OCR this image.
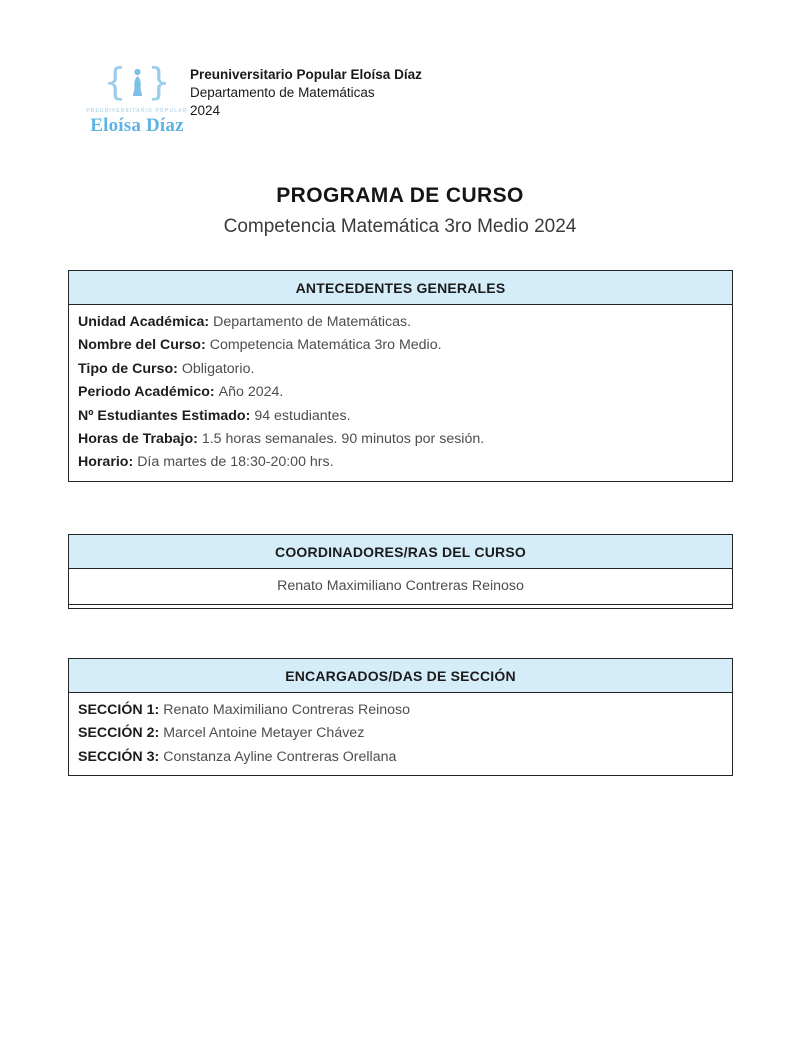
{ }
PREUNIVERSITARIO POPULAR
Eloísa Díaz
Preuniversitario Popular Eloísa Díaz
Departamento de Matemáticas
2024
PROGRAMA DE CURSO
Competencia Matemática 3ro Medio 2024
ANTECEDENTES GENERALES
Unidad Académica: Departamento de Matemáticas.
Nombre del Curso: Competencia Matemática 3ro Medio.
Tipo de Curso: Obligatorio.
Periodo Académico: Año 2024.
Nº Estudiantes Estimado: 94 estudiantes.
Horas de Trabajo: 1.5 horas semanales. 90 minutos por sesión.
Horario: Día martes de 18:30-20:00 hrs.
COORDINADORES/RAS DEL CURSO
Renato Maximiliano Contreras Reinoso
ENCARGADOS/DAS DE SECCIÓN
SECCIÓN 1: Renato Maximiliano Contreras Reinoso
SECCIÓN 2: Marcel Antoine Metayer Chávez
SECCIÓN 3: Constanza Ayline Contreras Orellana
